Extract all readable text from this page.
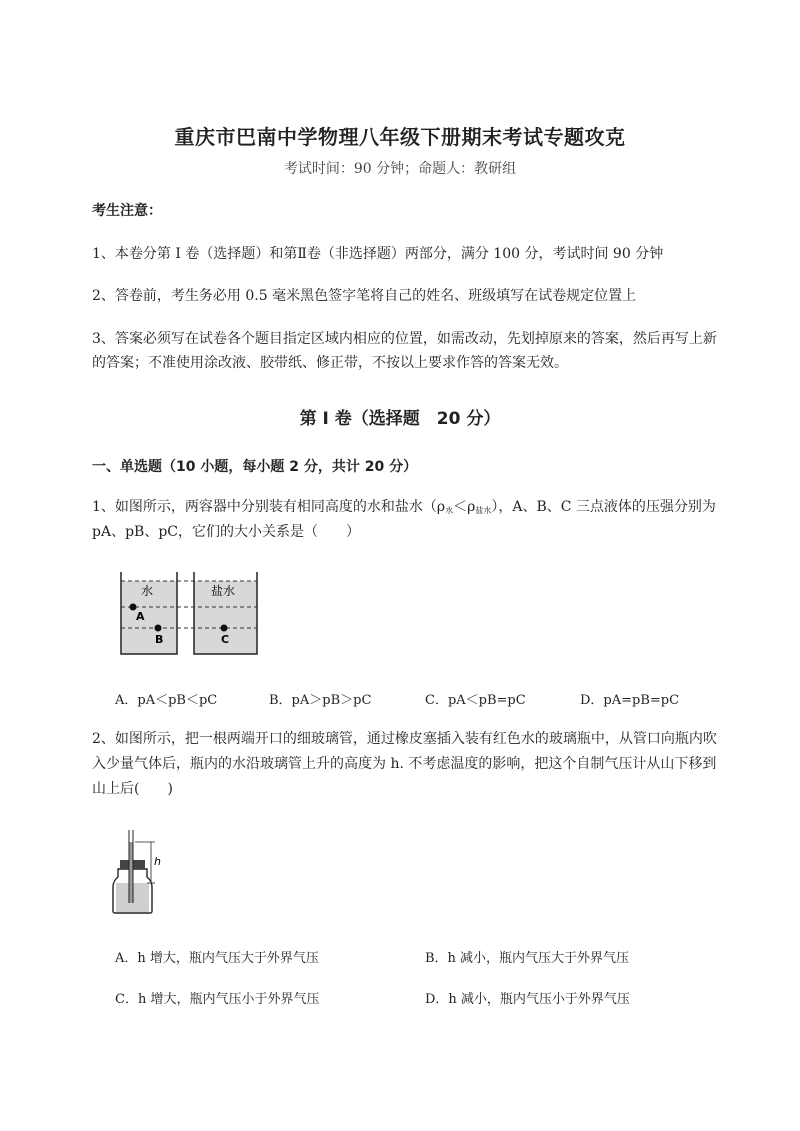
重庆市巴南中学物理八年级下册期末考试专题攻克
考试时间：90 分钟；命题人：教研组
考生注意：
1、本卷分第 I 卷（选择题）和第Ⅱ卷（非选择题）两部分，满分 100 分，考试时间 90 分钟
2、答卷前，考生务必用 0.5 毫米黑色签字笔将自己的姓名、班级填写在试卷规定位置上
3、答案必须写在试卷各个题目指定区域内相应的位置，如需改动，先划掉原来的答案，然后再写上新
的答案；不准使用涂改液、胶带纸、修正带，不按以上要求作答的答案无效。
第 I 卷（选择题　20 分）
一、单选题（10 小题，每小题 2 分，共计 20 分）
1、如图所示，两容器中分别装有相同高度的水和盐水$(\rho_水<\rho_{盐水})$，A、B、C 三点液体的压强分别为
pA、pB、pC，它们的大小关系是（　　）
水	盐水
A
B	C
A．pA＜pB＜pC	B．pA＞pB＞pC	C．pA＜pB=pC	D．pA=pB=pC
2、如图所示，把一根两端开口的细玻璃管，通过橡皮塞插入装有红色水的玻璃瓶中，从管口向瓶内吹
入少量气体后，瓶内的水沿玻璃管上升的高度为 h. 不考虑温度的影响，把这个自制气压计从山下移到
山上后(　　)
h
A．h 增大，瓶内气压大于外界气压	B．h 减小，瓶内气压大于外界气压
C．h 增大，瓶内气压小于外界气压	D．h 减小，瓶内气压小于外界气压
